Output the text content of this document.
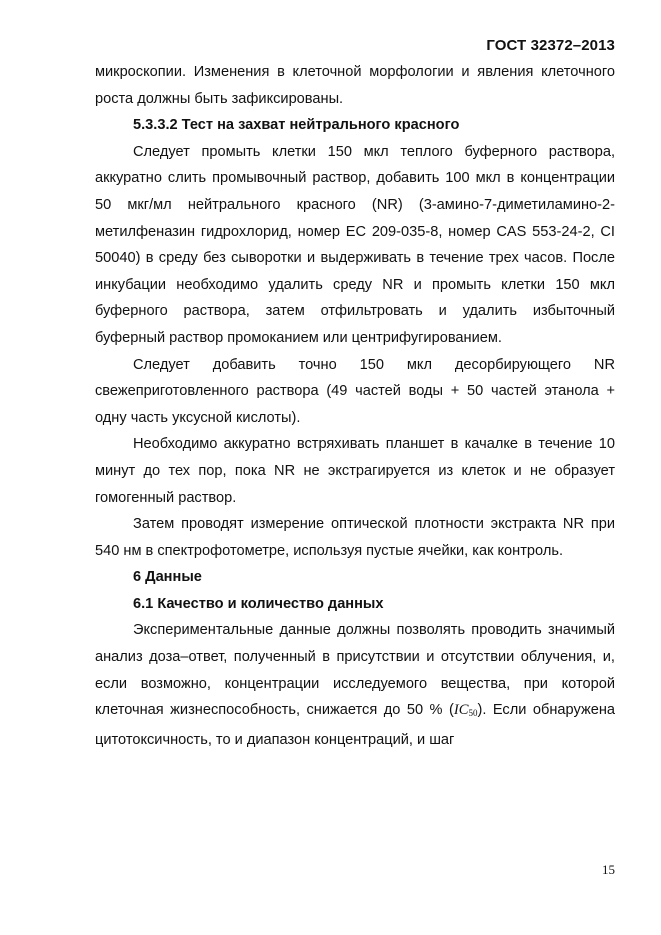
ГОСТ 32372–2013

микроскопии. Изменения в клеточной морфологии и явления клеточного роста должны быть зафиксированы.

5.3.3.2 Тест на захват нейтрального красного

Следует промыть клетки 150 мкл теплого буферного раствора, аккуратно слить промывочный раствор, добавить 100 мкл в концентрации 50 мкг/мл нейтрального красного (NR) (3-амино-7-диметиламино-2-метилфеназин гидрохлорид, номер EC 209-035-8, номер CAS 553-24-2, CI 50040) в среду без сыворотки и выдерживать в течение трех часов. После инкубации необходимо удалить среду NR и промыть клетки 150 мкл буферного раствора, затем отфильтровать и удалить избыточный буферный раствор промоканием или центрифугированием.

Следует добавить точно 150 мкл десорбирующего NR свежеприготовленного раствора (49 частей воды + 50 частей этанола + одну часть уксусной кислоты).

Необходимо аккуратно встряхивать планшет в качалке в течение 10 минут до тех пор, пока NR не экстрагируется из клеток и не образует гомогенный раствор.

Затем проводят измерение оптической плотности экстракта NR при 540 нм в спектрофотометре, используя пустые ячейки, как контроль.

6 Данные

6.1 Качество и количество данных

Экспериментальные данные должны позволять проводить значимый анализ доза–ответ, полученный в присутствии и отсутствии облучения, и, если возможно, концентрации исследуемого вещества, при которой клеточная жизнеспособность, снижается до 50 % $(IC_{50})$. Если обнаружена цитотоксичность, то и диапазон концентраций, и шаг

15
